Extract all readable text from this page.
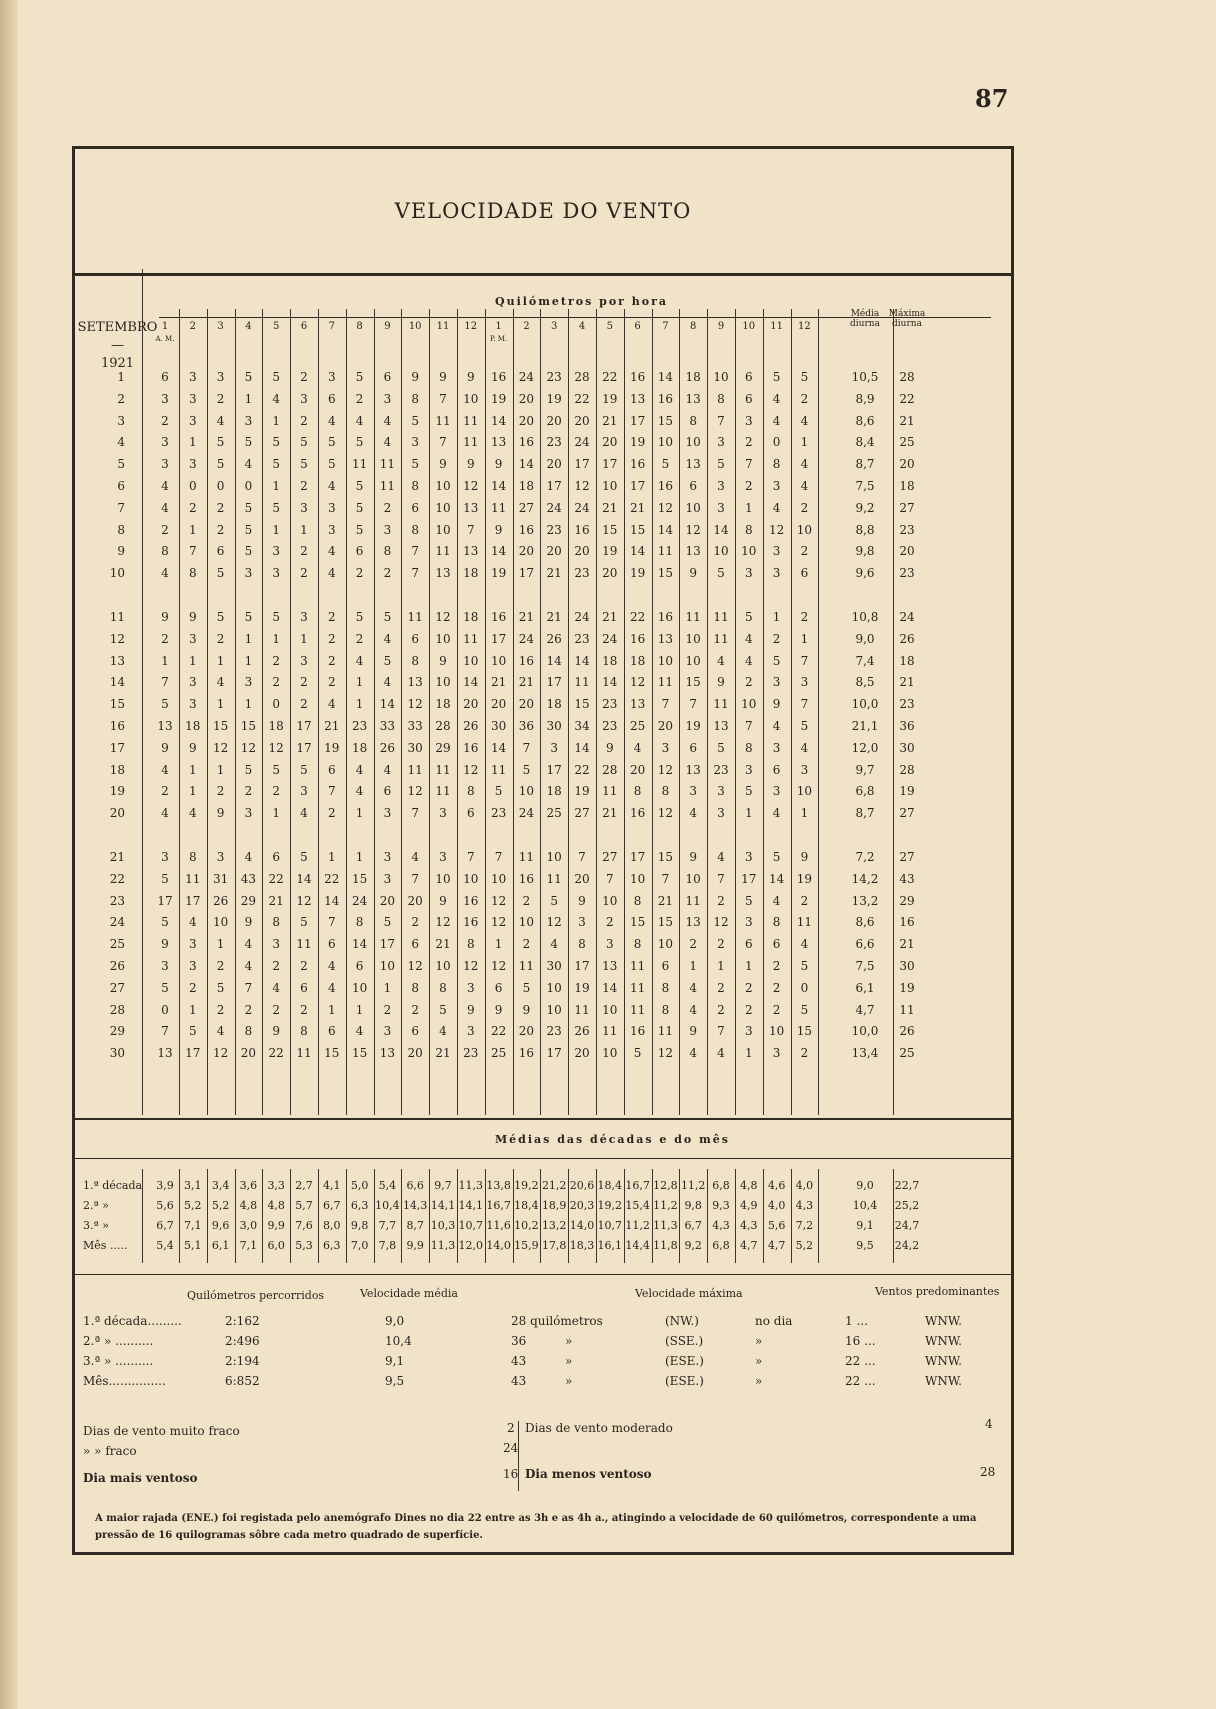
87
VELOCIDADE DO VENTO
SETEMBRO
—
1921
Quilómetros por hora
1	2	3	4	5	6	7	8	9	10	11	12	1	2	3	4	5	6	7	8	9	10	11	12
A. M.	P. M.
Média diurna
Máxima diurna
1	6 3 3 5 5 2 3 5 6 9 9 9 16 24 23 28 22 16 14 18 10 6 5 5	10,5 28
2	3 3 2 1 4 3 6 2 3 8 7 10 19 20 19 22 19 13 16 13 8 6 4 2	8,9 22
3	2 3 4 3 1 2 4 4 4 5 11 11 14 20 20 20 21 17 15 8 7 3 4 4	8,6 21
4	3 1 5 5 5 5 5 5 4 3 7 11 13 16 23 24 20 19 10 10 3 2 0 1	8,4 25
5	3 3 5 4 5 5 5 11 11 5 9 9 9 14 20 17 17 16 5 13 5 7 8 4	8,7 20
6	4 0 0 0 1 2 4 5 11 8 10 12 14 18 17 12 10 17 16 6 3 2 3 4	7,5 18
7	4 2 2 5 5 3 3 5 2 6 10 13 11 27 24 24 21 21 12 10 3 1 4 2	9,2 27
8	2 1 2 5 1 1 3 5 3 8 10 7 9 16 23 16 15 15 14 12 14 8 12 10	8,8 23
9	8 7 6 5 3 2 4 6 8 7 11 13 14 20 20 20 19 14 11 13 10 10 3 2	9,8 20
10	4 8 5 3 3 2 4 2 2 7 13 18 19 17 21 23 20 19 15 9 5 3 3 6	9,6 23
11	9 9 5 5 5 3 2 5 5 11 12 18 16 21 21 24 21 22 16 11 11 5 1 2	10,8 24
12	2 3 2 1 1 1 2 2 4 6 10 11 17 24 26 23 24 16 13 10 11 4 2 1	9,0 26
13	1 1 1 1 2 3 2 4 5 8 9 10 10 16 14 14 18 18 10 10 4 4 5 7	7,4 18
14	7 3 4 3 2 2 2 1 4 13 10 14 21 21 17 11 14 12 11 15 9 2 3 3	8,5 21
15	5 3 1 1 0 2 4 1 14 12 18 20 20 20 18 15 23 13 7 7 11 10 9 7	10,0 23
16	13 18 15 15 18 17 21 23 33 33 28 26 30 36 30 34 23 25 20 19 13 7 4 5	21,1 36
17	9 9 12 12 12 17 19 18 26 30 29 16 14 7 3 14 9 4 3 6 5 8 3 4	12,0 30
18	4 1 1 5 5 5 6 4 4 11 11 12 11 5 17 22 28 20 12 13 23 3 6 3	9,7 28
19	2 1 2 2 2 3 7 4 6 12 11 8 5 10 18 19 11 8 8 3 3 5 3 10	6,8 19
20	4 4 9 3 1 4 2 1 3 7 3 6 23 24 25 27 21 16 12 4 3 1 4 1	8,7 27
21	3 8 3 4 6 5 1 1 3 4 3 7 7 11 10 7 27 17 15 9 4 3 5 9	7,2 27
22	5 11 31 43 22 14 22 15 3 7 10 10 10 16 11 20 7 10 7 10 7 17 14 19	14,2 43
23	17 17 26 29 21 12 14 24 20 20 9 16 12 2 5 9 10 8 21 11 2 5 4 2	13,2 29
24	5 4 10 9 8 5 7 8 5 2 12 16 12 10 12 3 2 15 15 13 12 3 8 11	8,6 16
25	9 3 1 4 3 11 6 14 17 6 21 8 1 2 4 8 3 8 10 2 2 6 6 4	6,6 21
26	3 3 2 4 2 2 4 6 10 12 10 12 12 11 30 17 13 11 6 1 1 1 2 5	7,5 30
27	5 2 5 7 4 6 4 10 1 8 8 3 6 5 10 19 14 11 8 4 2 2 2 0	6,1 19
28	0 1 2 2 2 2 1 1 2 2 5 9 9 9 10 11 10 11 8 4 2 2 2 5	4,7 11
29	7 5 4 8 9 8 6 4 3 6 4 3 22 20 23 26 11 16 11 9 7 3 10 15	10,0 26
30	13 17 12 20 22 11 15 15 13 20 21 23 25 16 17 20 10 5 12 4 4 1 3 2	13,4 25
Médias das décadas e do mês
1.ª década 3,9 3,1 3,4 3,6 3,3 2,7 4,1 5,0 5,4 6,6 9,7 11,3 13,8 19,2 21,2 20,6 18,4 16,7 12,8 11,2 6,8 4,8 4,6 4,0	9,0 22,7
2.ª »	5,6 5,2 5,2 4,8 4,8 5,7 6,7 6,3 10,4 14,3 14,1 14,1 16,7 18,4 18,9 20,3 19,2 15,4 11,2 9,8 9,3 4,9 4,0 4,3	10,4 25,2
3.ª »	6,7 7,1 9,6 3,0 9,9 7,6 8,0 9,8 7,7 8,7 10,3 10,7 11,6 10,2 13,2 14,0 10,7 11,2 11,3 6,7 4,3 4,3 5,6 7,2	9,1 24,7
Mês .....	5,4 5,1 6,1 7,1 6,0 5,3 6,3 7,0 7,8 9,9 11,3 12,0 14,0 15,9 17,8 18,3 16,1 14,4 11,8 9,2 6,8 4,7 4,7 5,2	9,5 24,2
Quilómetros percorridos	Velocidade média	Velocidade máxima	Ventos predominantes
1.ª década.........	2:162	9,0	28 quilómetros	(NW.)	no dia	1 ...	WNW.
2.ª » ..........	2:496	10,4	36	»	(SSE.)	»	16 ...	WNW.
3.ª » ..........	2:194	9,1	43	»	(ESE.)	»	22 ...	WNW.
Mês...............	6:852	9,5	43	»	(ESE.)	»	22 ...	WNW.
Dias de vento muito fraco	2
» » fraco	24
Dias de vento moderado	4
Dia mais ventoso	16 Dia menos ventoso	28
A maior rajada (ENE.) foi registada pelo anemógrafo Dines no dia 22 entre as 3h e as 4h a., atingindo a velocidade de 60 quilómetros, correspondente a uma pressão de 16 quilogramas sôbre cada metro quadrado de superfície.
